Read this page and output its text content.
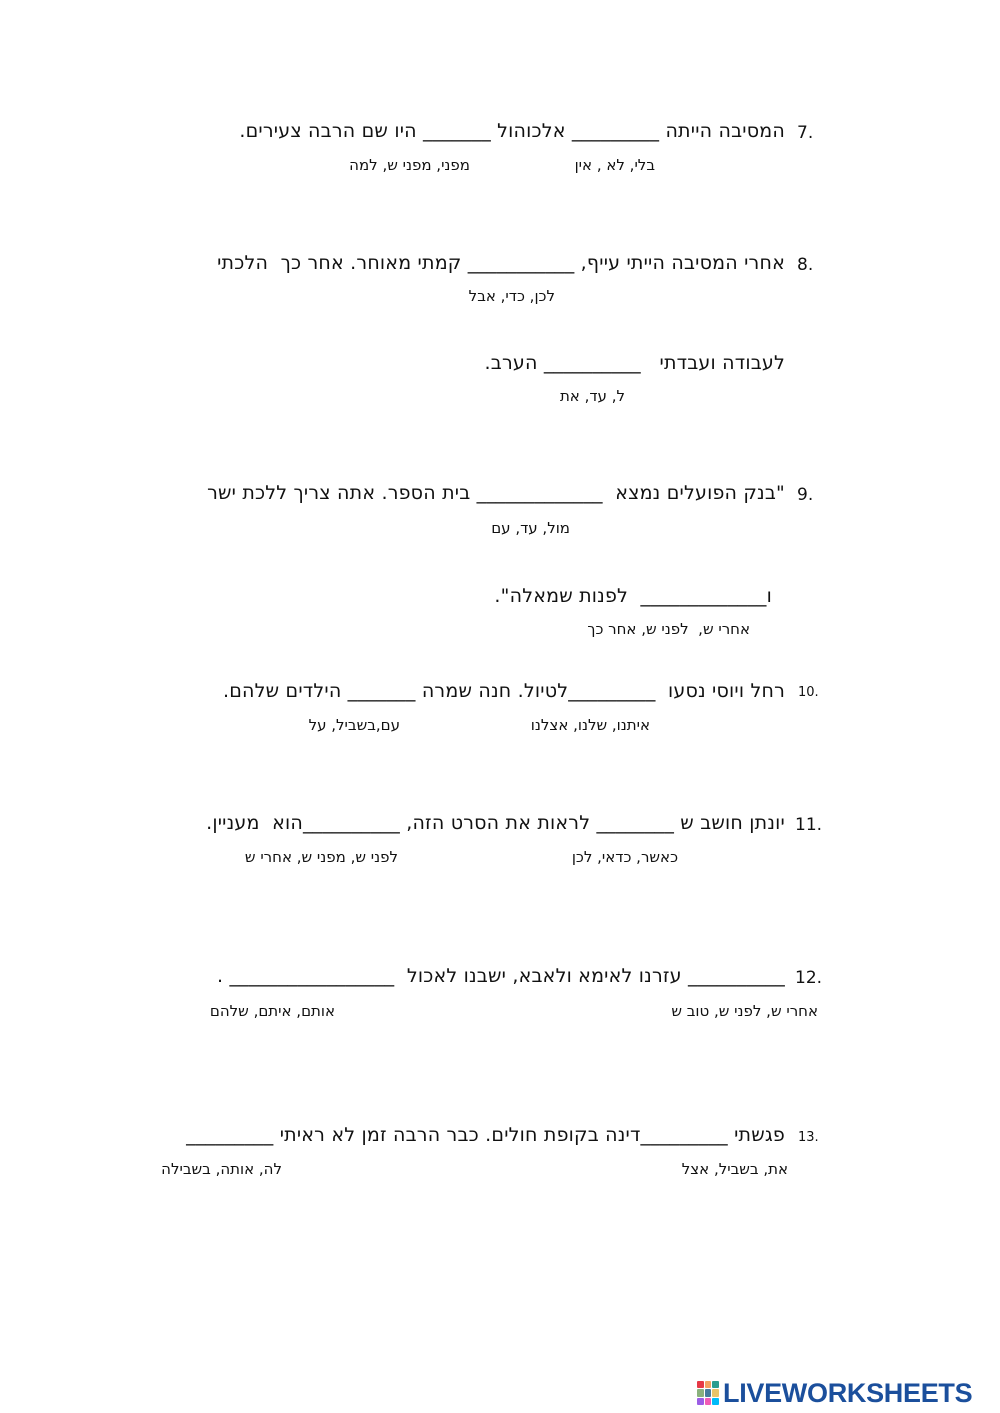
7.
המסיבה הייתה _________ אלכוהול _______ היו שם הרבה צעירים.
בלי, לא , אין
מפני, מפני ש, למה
8.
אחרי המסיבה הייתי עייף, ___________ קמתי מאוחר. אחר כך  הלכתי
לכן, כדי, אבל
לעבודה ועבדתי   __________ הערב.
ל, עד, את
9.
"בנק הפועלים נמצא  _____________ בית הספר. אתה צריך ללכת ישר
מול, עד, עם
ו_____________  לפנות שמאלה".
אחרי ש,  לפני ש, אחר כך
10.
רחל ויוסי נסעו  _________לטיול. חנה שמרה _______ הילדים שלהם.
איתנו, שלנו, אצלנו
עם,בשביל, על
11.
יונתן חושב ש ________ לראות את הסרט הזה, __________הוא  מעניין.
כאשר, כדאי, לכן
לפני ש, מפני ש, אחרי ש
12.
__________ עזרנו לאימא ולאבא, ישבנו לאכול  _________________ .
אחרי ש, לפני ש, טוב ש
אותם, איתם, שלהם
13.
פגשתי _________דינה בקופת חולים. כבר הרבה זמן לא ראיתי _________
את, בשביל, אצל
לה, אותה, בשבילה
LIVEWORKSHEETS
